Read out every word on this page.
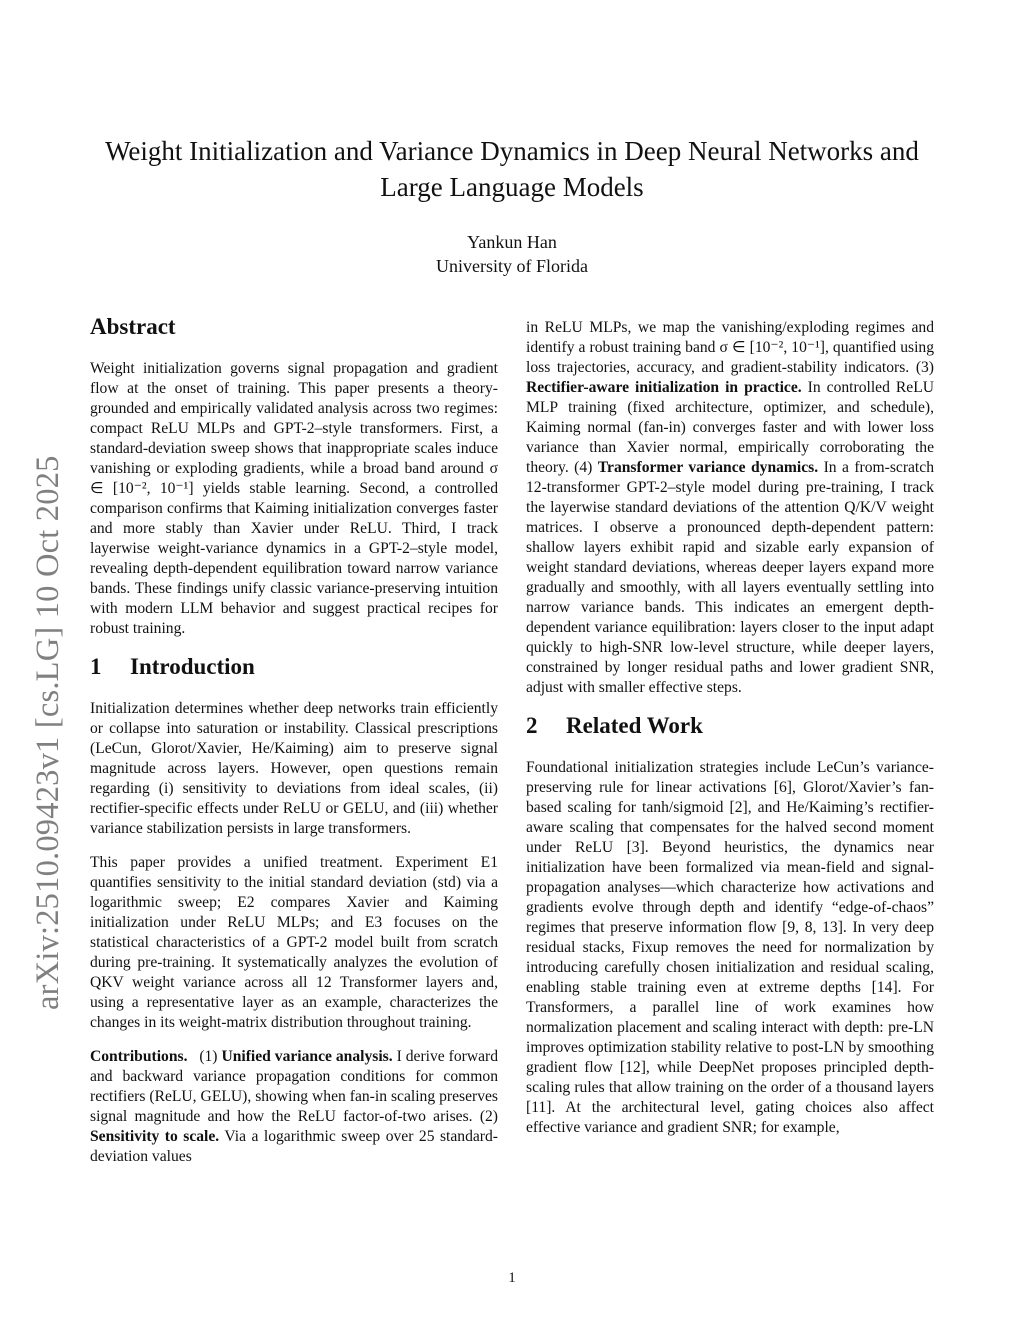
arXiv:2510.09423v1 [cs.LG] 10 Oct 2025
Weight Initialization and Variance Dynamics in Deep Neural Networks and Large Language Models
Yankun Han
University of Florida
Abstract

Weight initialization governs signal propagation and gradient flow at the onset of training. This paper presents a theory-grounded and empirically validated analysis across two regimes: compact ReLU MLPs and GPT-2–style transformers. First, a standard-deviation sweep shows that inappropriate scales induce vanishing or exploding gradients, while a broad band around σ ∈ [10⁻², 10⁻¹] yields stable learning. Second, a controlled comparison confirms that Kaiming initialization converges faster and more stably than Xavier under ReLU. Third, I track layerwise weight-variance dynamics in a GPT-2–style model, revealing depth-dependent equilibration toward narrow variance bands. These findings unify classic variance-preserving intuition with modern LLM behavior and suggest practical recipes for robust training.

1 Introduction

Initialization determines whether deep networks train efficiently or collapse into saturation or instability. Classical prescriptions (LeCun, Glorot/Xavier, He/Kaiming) aim to preserve signal magnitude across layers. However, open questions remain regarding (i) sensitivity to deviations from ideal scales, (ii) rectifier-specific effects under ReLU or GELU, and (iii) whether variance stabilization persists in large transformers.

This paper provides a unified treatment. Experiment E1 quantifies sensitivity to the initial standard deviation (std) via a logarithmic sweep; E2 compares Xavier and Kaiming initialization under ReLU MLPs; and E3 focuses on the statistical characteristics of a GPT-2 model built from scratch during pre-training. It systematically analyzes the evolution of QKV weight variance across all 12 Transformer layers and, using a representative layer as an example, characterizes the changes in its weight-matrix distribution throughout training.

Contributions. (1) Unified variance analysis. I derive forward and backward variance propagation conditions for common rectifiers (ReLU, GELU), showing when fan-in scaling preserves signal magnitude and how the ReLU factor-of-two arises. (2) Sensitivity to scale. Via a logarithmic sweep over 25 standard-deviation values

in ReLU MLPs, we map the vanishing/exploding regimes and identify a robust training band σ ∈ [10⁻², 10⁻¹], quantified using loss trajectories, accuracy, and gradient-stability indicators. (3) Rectifier-aware initialization in practice. In controlled ReLU MLP training (fixed architecture, optimizer, and schedule), Kaiming normal (fan-in) converges faster and with lower loss variance than Xavier normal, empirically corroborating the theory. (4) Transformer variance dynamics. In a from-scratch 12-transformer GPT-2–style model during pre-training, I track the layerwise standard deviations of the attention Q/K/V weight matrices. I observe a pronounced depth-dependent pattern: shallow layers exhibit rapid and sizable early expansion of weight standard deviations, whereas deeper layers expand more gradually and smoothly, with all layers eventually settling into narrow variance bands. This indicates an emergent depth-dependent variance equilibration: layers closer to the input adapt quickly to high-SNR low-level structure, while deeper layers, constrained by longer residual paths and lower gradient SNR, adjust with smaller effective steps.

2 Related Work

Foundational initialization strategies include LeCun’s variance-preserving rule for linear activations [6], Glorot/Xavier’s fan-based scaling for tanh/sigmoid [2], and He/Kaiming’s rectifier-aware scaling that compensates for the halved second moment under ReLU [3]. Beyond heuristics, the dynamics near initialization have been formalized via mean-field and signal-propagation analyses—which characterize how activations and gradients evolve through depth and identify “edge-of-chaos” regimes that preserve information flow [9, 8, 13]. In very deep residual stacks, Fixup removes the need for normalization by introducing carefully chosen initialization and residual scaling, enabling stable training even at extreme depths [14]. For Transformers, a parallel line of work examines how normalization placement and scaling interact with depth: pre-LN improves optimization stability relative to post-LN by smoothing gradient flow [12], while DeepNet proposes principled depth-scaling rules that allow training on the order of a thousand layers [11]. At the architectural level, gating choices also affect effective variance and gradient SNR; for example,

1
